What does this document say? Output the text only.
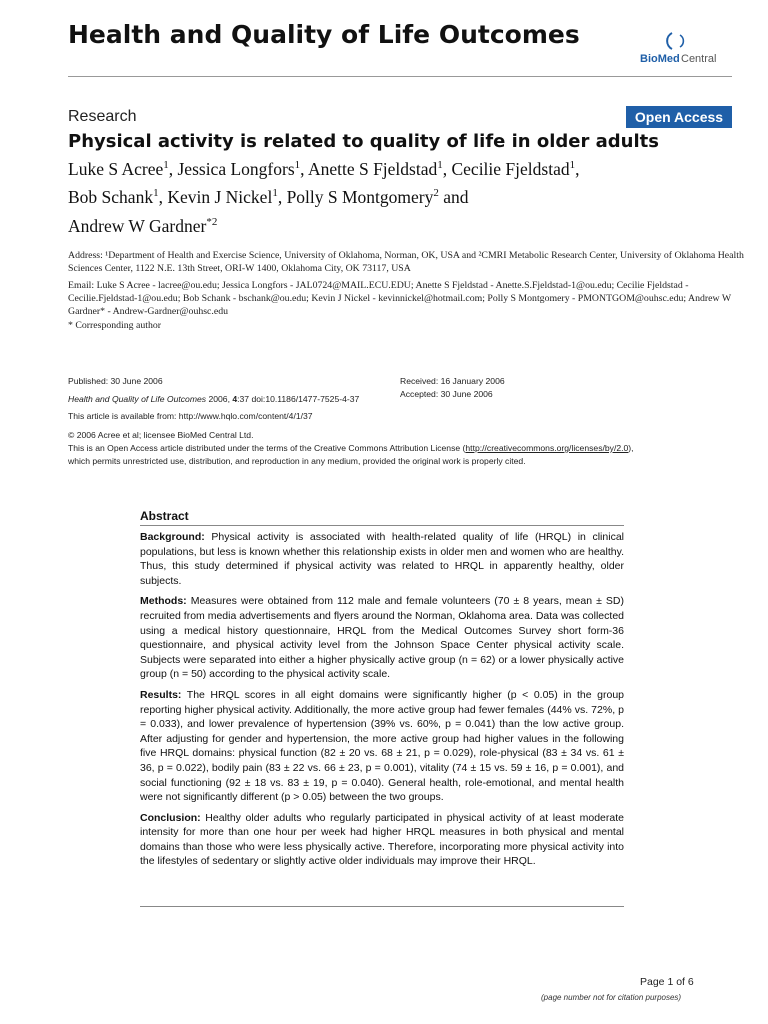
Health and Quality of Life Outcomes
BioMed Central
Research	Open Access
Physical activity is related to quality of life in older adults
Luke S Acree$^1$, Jessica Longfors$^1$, Anette S Fjeldstad$^1$, Cecilie Fjeldstad$^1$,
Bob Schank$^1$, Kevin J Nickel$^1$, Polly S Montgomery$^2$ and
Andrew W Gardner$^{*2}$
Address: ¹Department of Health and Exercise Science, University of Oklahoma, Norman, OK, USA and ²CMRI Metabolic Research Center, University of Oklahoma Health Sciences Center, 1122 N.E. 13th Street, ORI-W 1400, Oklahoma City, OK 73117, USA
Email: Luke S Acree - lacree@ou.edu; Jessica Longfors - JAL0724@MAIL.ECU.EDU; Anette S Fjeldstad - Anette.S.Fjeldstad-1@ou.edu; Cecilie Fjeldstad - Cecilie.Fjeldstad-1@ou.edu; Bob Schank - bschank@ou.edu; Kevin J Nickel - kevinnickel@hotmail.com; Polly S Montgomery - PMONTGOM@ouhsc.edu; Andrew W Gardner* - Andrew-Gardner@ouhsc.edu
* Corresponding author
Published: 30 June 2006
Health and Quality of Life Outcomes 2006, 4:37 doi:10.1186/1477-7525-4-37
This article is available from: http://www.hqlo.com/content/4/1/37
Received: 16 January 2006
Accepted: 30 June 2006
© 2006 Acree et al; licensee BioMed Central Ltd.
This is an Open Access article distributed under the terms of the Creative Commons Attribution License (http://creativecommons.org/licenses/by/2.0),
which permits unrestricted use, distribution, and reproduction in any medium, provided the original work is properly cited.
Abstract

Background: Physical activity is associated with health-related quality of life (HRQL) in clinical populations, but less is known whether this relationship exists in older men and women who are healthy. Thus, this study determined if physical activity was related to HRQL in apparently healthy, older subjects.

Methods: Measures were obtained from 112 male and female volunteers (70 ± 8 years, mean ± SD) recruited from media advertisements and flyers around the Norman, Oklahoma area. Data was collected using a medical history questionnaire, HRQL from the Medical Outcomes Survey short form-36 questionnaire, and physical activity level from the Johnson Space Center physical activity scale. Subjects were separated into either a higher physically active group (n = 62) or a lower physically active group (n = 50) according to the physical activity scale.

Results: The HRQL scores in all eight domains were significantly higher (p < 0.05) in the group reporting higher physical activity. Additionally, the more active group had fewer females (44% vs. 72%, p = 0.033), and lower prevalence of hypertension (39% vs. 60%, p = 0.041) than the low active group. After adjusting for gender and hypertension, the more active group had higher values in the following five HRQL domains: physical function (82 ± 20 vs. 68 ± 21, p = 0.029), role-physical (83 ± 34 vs. 61 ± 36, p = 0.022), bodily pain (83 ± 22 vs. 66 ± 23, p = 0.001), vitality (74 ± 15 vs. 59 ± 16, p = 0.001), and social functioning (92 ± 18 vs. 83 ± 19, p = 0.040). General health, role-emotional, and mental health were not significantly different (p > 0.05) between the two groups.

Conclusion: Healthy older adults who regularly participated in physical activity of at least moderate intensity for more than one hour per week had higher HRQL measures in both physical and mental domains than those who were less physically active. Therefore, incorporating more physical activity into the lifestyles of sedentary or slightly active older individuals may improve their HRQL.

Page 1 of 6
(page number not for citation purposes)
